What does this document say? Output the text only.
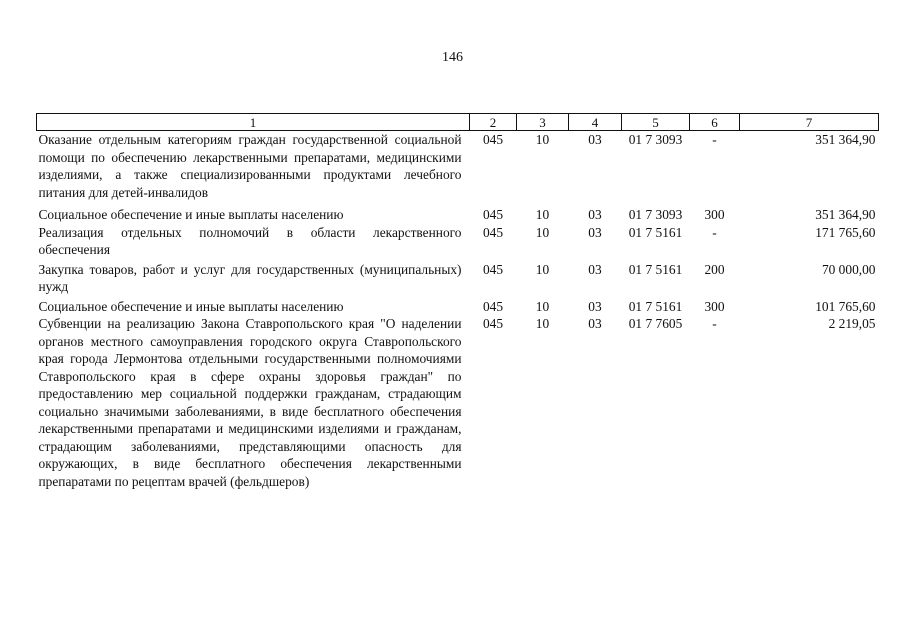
146
1	2	3	4	5	6	7
Оказание отдельным категориям граждан государственной социальной помощи по обеспечению лекарственными препаратами, медицинскими изделиями, а также специализированными продуктами лечебного питания для детей-инвалидов	045	10	03	01 7 3093	-	351 364,90
Социальное обеспечение и иные выплаты населению	045	10	03	01 7 3093	300	351 364,90
Реализация отдельных полномочий в области лекарственного обеспечения	045	10	03	01 7 5161	-	171 765,60
Закупка товаров, работ и услуг для государственных (муниципальных) нужд	045	10	03	01 7 5161	200	70 000,00
Социальное обеспечение и иные выплаты населению	045	10	03	01 7 5161	300	101 765,60
Субвенции на реализацию Закона Ставропольского края "О наделении органов местного самоуправления городского округа Ставропольского края города Лермонтова отдельными государственными полномочиями Ставропольского края в сфере охраны здоровья граждан" по предоставлению мер социальной поддержки гражданам, страдающим социально значимыми заболеваниями, в виде бесплатного обеспечения лекарственными препаратами и медицинскими изделиями и гражданам, страдающим заболеваниями, представляющими опасность для окружающих, в виде бесплатного обеспечения лекарственными препаратами по рецептам врачей (фельдшеров)	045	10	03	01 7 7605	-	2 219,05
